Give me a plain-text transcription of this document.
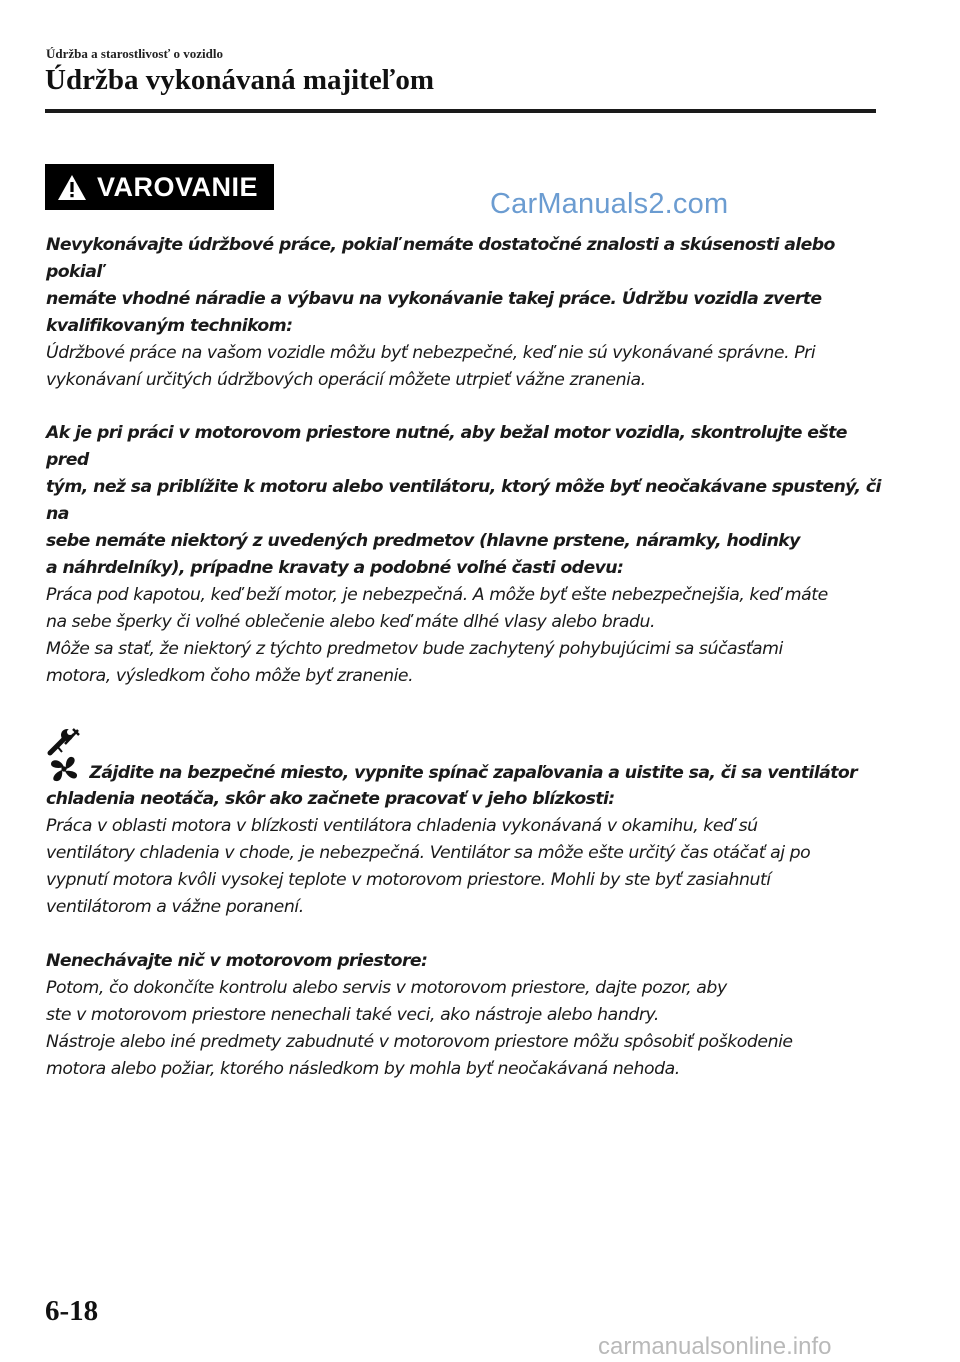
Údržba a starostlivosť o vozidlo
Údržba vykonávaná majiteľom
VAROVANIE
CarManuals2.com
Nevykonávajte údržbové práce, pokiaľ nemáte dostatočné znalosti a skúsenosti alebo pokiaľ
nemáte vhodné náradie a výbavu na vykonávanie takej práce. Údržbu vozidla zverte
kvalifikovaným technikom:
Údržbové práce na vašom vozidle môžu byť nebezpečné, keď nie sú vykonávané správne. Pri
vykonávaní určitých údržbových operácií môžete utrpieť vážne zranenia.
Ak je pri práci v motorovom priestore nutné, aby bežal motor vozidla, skontrolujte ešte pred
tým, než sa priblížite k motoru alebo ventilátoru, ktorý môže byť neočakávane spustený, či na
sebe nemáte niektorý z uvedených predmetov (hlavne prstene, náramky, hodinky
a náhrdelníky), prípadne kravaty a podobné voľné časti odevu:
Práca pod kapotou, keď beží motor, je nebezpečná. A môže byť ešte nebezpečnejšia, keď máte
na sebe šperky či voľné oblečenie alebo keď máte dlhé vlasy alebo bradu.
Môže sa stať, že niektorý z týchto predmetov bude zachytený pohybujúcimi sa súčasťami
motora, výsledkom čoho môže byť zranenie.
Zájdite na bezpečné miesto, vypnite spínač zapaľovania a uistite sa, či sa ventilátor
chladenia neotáča, skôr ako začnete pracovať v jeho blízkosti:
Práca v oblasti motora v blízkosti ventilátora chladenia vykonávaná v okamihu, keď sú
ventilátory chladenia v chode, je nebezpečná. Ventilátor sa môže ešte určitý čas otáčať aj po
vypnutí motora kvôli vysokej teplote v motorovom priestore. Mohli by ste byť zasiahnutí
ventilátorom a vážne poranení.
Nenechávajte nič v motorovom priestore:
Potom, čo dokončíte kontrolu alebo servis v motorovom priestore, dajte pozor, aby
ste v motorovom priestore nenechali také veci, ako nástroje alebo handry.
Nástroje alebo iné predmety zabudnuté v motorovom priestore môžu spôsobiť poškodenie
motora alebo požiar, ktorého následkom by mohla byť neočakávaná nehoda.
6-18
carmanualsonline.info
